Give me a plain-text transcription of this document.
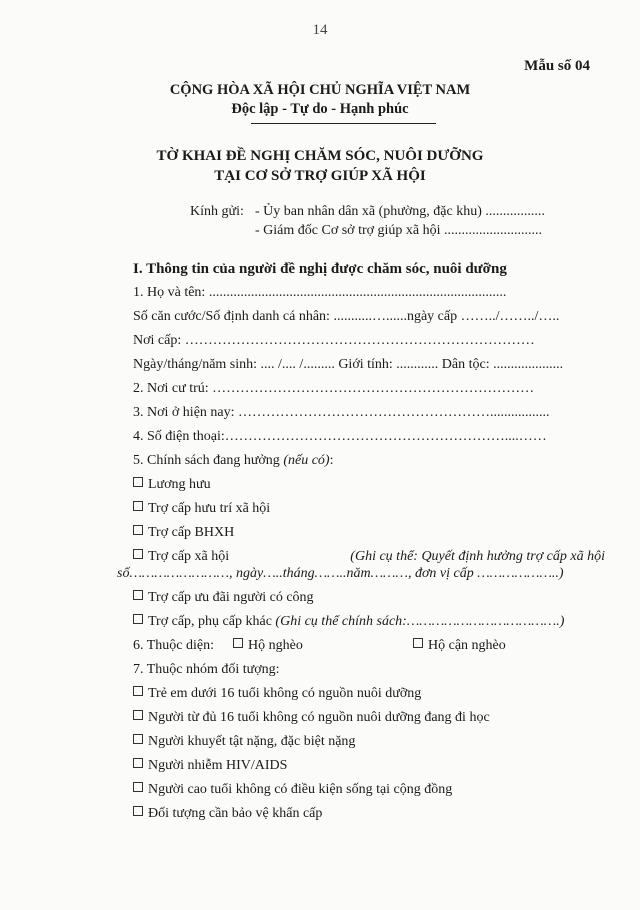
14
Mẫu số 04
CỘNG HÒA XÃ HỘI CHỦ NGHĨA VIỆT NAM
Độc lập - Tự do - Hạnh phúc
TỜ KHAI ĐỀ NGHỊ CHĂM SÓC, NUÔI DƯỠNG
TẠI CƠ SỞ TRỢ GIÚP XÃ HỘI
Kính gửi: - Ủy ban nhân dân xã (phường, đặc khu) .................
- Giám đốc Cơ sở trợ giúp xã hội ............................
I. Thông tin của người đề nghị được chăm sóc, nuôi dưỡng
1. Họ và tên: .....................................................................................
Số căn cước/Số định danh cá nhân: ...........…......ngày cấp ……../……../…..
Nơi cấp: …………………………………………………………………
Ngày/tháng/năm sinh: .... /.... /......... Giới tính: ............ Dân tộc: ....................
2. Nơi cư trú: ……………………………………………………………
3. Nơi ở hiện nay: ……………………………………………….................
4. Số điện thoại:……………………………………………………....……
5. Chính sách đang hưởng (nếu có):
Lương hưu
Trợ cấp hưu trí xã hội
Trợ cấp BHXH
Trợ cấp xã hội	(Ghi cụ thể: Quyết định hưởng trợ cấp xã hội
số……………………, ngày…..tháng……..năm………, đơn vị cấp ………………..)
Trợ cấp ưu đãi người có công
Trợ cấp, phụ cấp khác (Ghi cụ thể chính sách:……………………………….)
6. Thuộc diện:	Hộ nghèo	Hộ cận nghèo
7. Thuộc nhóm đối tượng:
Trẻ em dưới 16 tuổi không có nguồn nuôi dưỡng
Người từ đủ 16 tuổi không có nguồn nuôi dưỡng đang đi học
Người khuyết tật nặng, đặc biệt nặng
Người nhiễm HIV/AIDS
Người cao tuổi không có điều kiện sống tại cộng đồng
Đối tượng cần bảo vệ khẩn cấp
